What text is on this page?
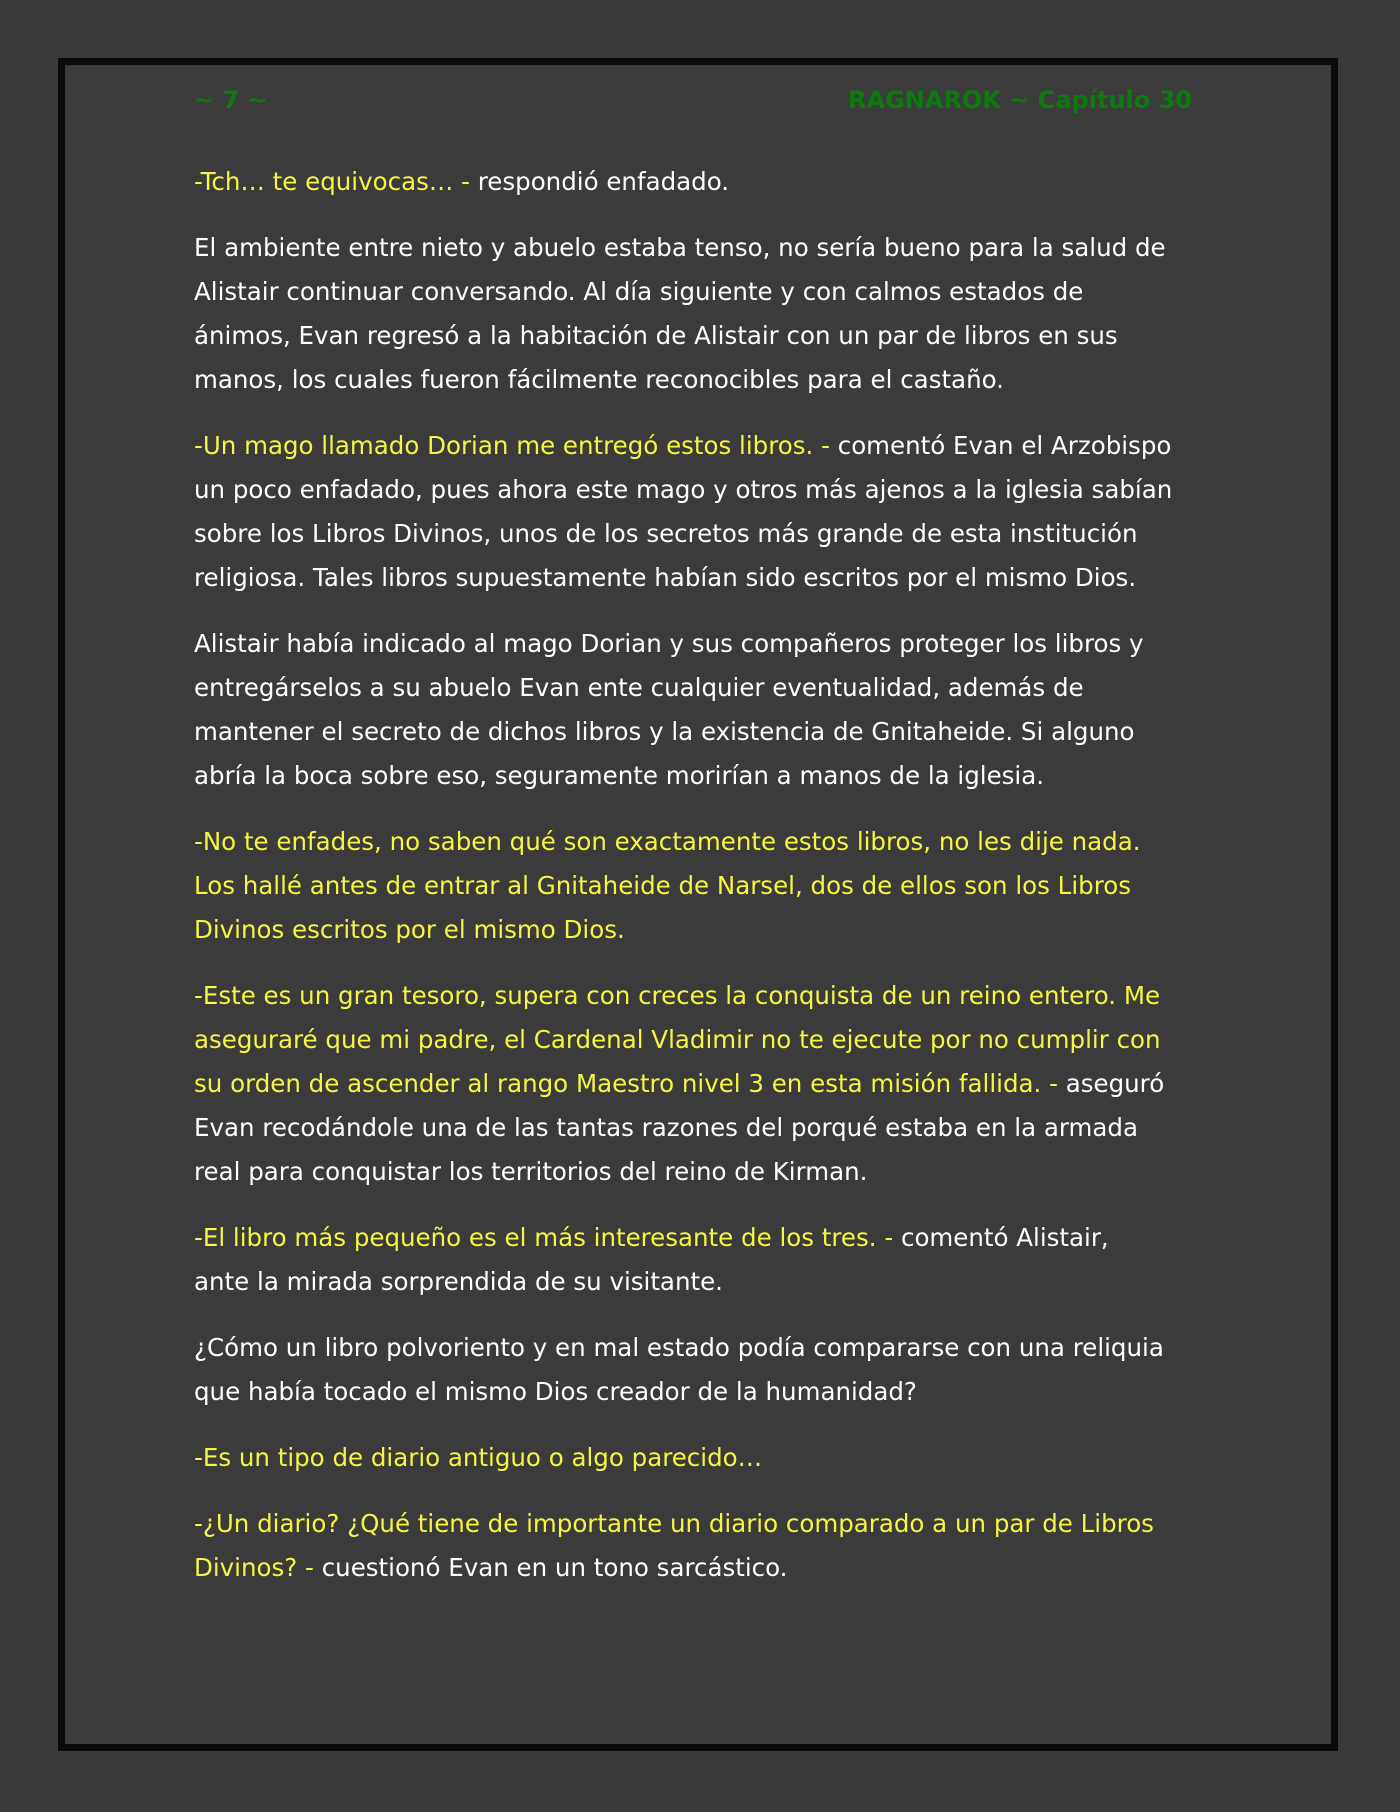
~ 7 ~	RAGNAROK ~ Capítulo 30

-Tch… te equivocas… - respondió enfadado.

El ambiente entre nieto y abuelo estaba tenso, no sería bueno para la salud de
Alistair continuar conversando. Al día siguiente y con calmos estados de
ánimos, Evan regresó a la habitación de Alistair con un par de libros en sus
manos, los cuales fueron fácilmente reconocibles para el castaño.

-Un mago llamado Dorian me entregó estos libros. - comentó Evan el Arzobispo
un poco enfadado, pues ahora este mago y otros más ajenos a la iglesia sabían
sobre los Libros Divinos, unos de los secretos más grande de esta institución
religiosa. Tales libros supuestamente habían sido escritos por el mismo Dios.

Alistair había indicado al mago Dorian y sus compañeros proteger los libros y
entregárselos a su abuelo Evan ente cualquier eventualidad, además de
mantener el secreto de dichos libros y la existencia de Gnitaheide. Si alguno
abría la boca sobre eso, seguramente morirían a manos de la iglesia.

-No te enfades, no saben qué son exactamente estos libros, no les dije nada.
Los hallé antes de entrar al Gnitaheide de Narsel, dos de ellos son los Libros
Divinos escritos por el mismo Dios.

-Este es un gran tesoro, supera con creces la conquista de un reino entero. Me
aseguraré que mi padre, el Cardenal Vladimir no te ejecute por no cumplir con
su orden de ascender al rango Maestro nivel 3 en esta misión fallida. - aseguró
Evan recodándole una de las tantas razones del porqué estaba en la armada
real para conquistar los territorios del reino de Kirman.

-El libro más pequeño es el más interesante de los tres. - comentó Alistair,
ante la mirada sorprendida de su visitante.

¿Cómo un libro polvoriento y en mal estado podía compararse con una reliquia
que había tocado el mismo Dios creador de la humanidad?

-Es un tipo de diario antiguo o algo parecido…

-¿Un diario? ¿Qué tiene de importante un diario comparado a un par de Libros
Divinos? - cuestionó Evan en un tono sarcástico.
